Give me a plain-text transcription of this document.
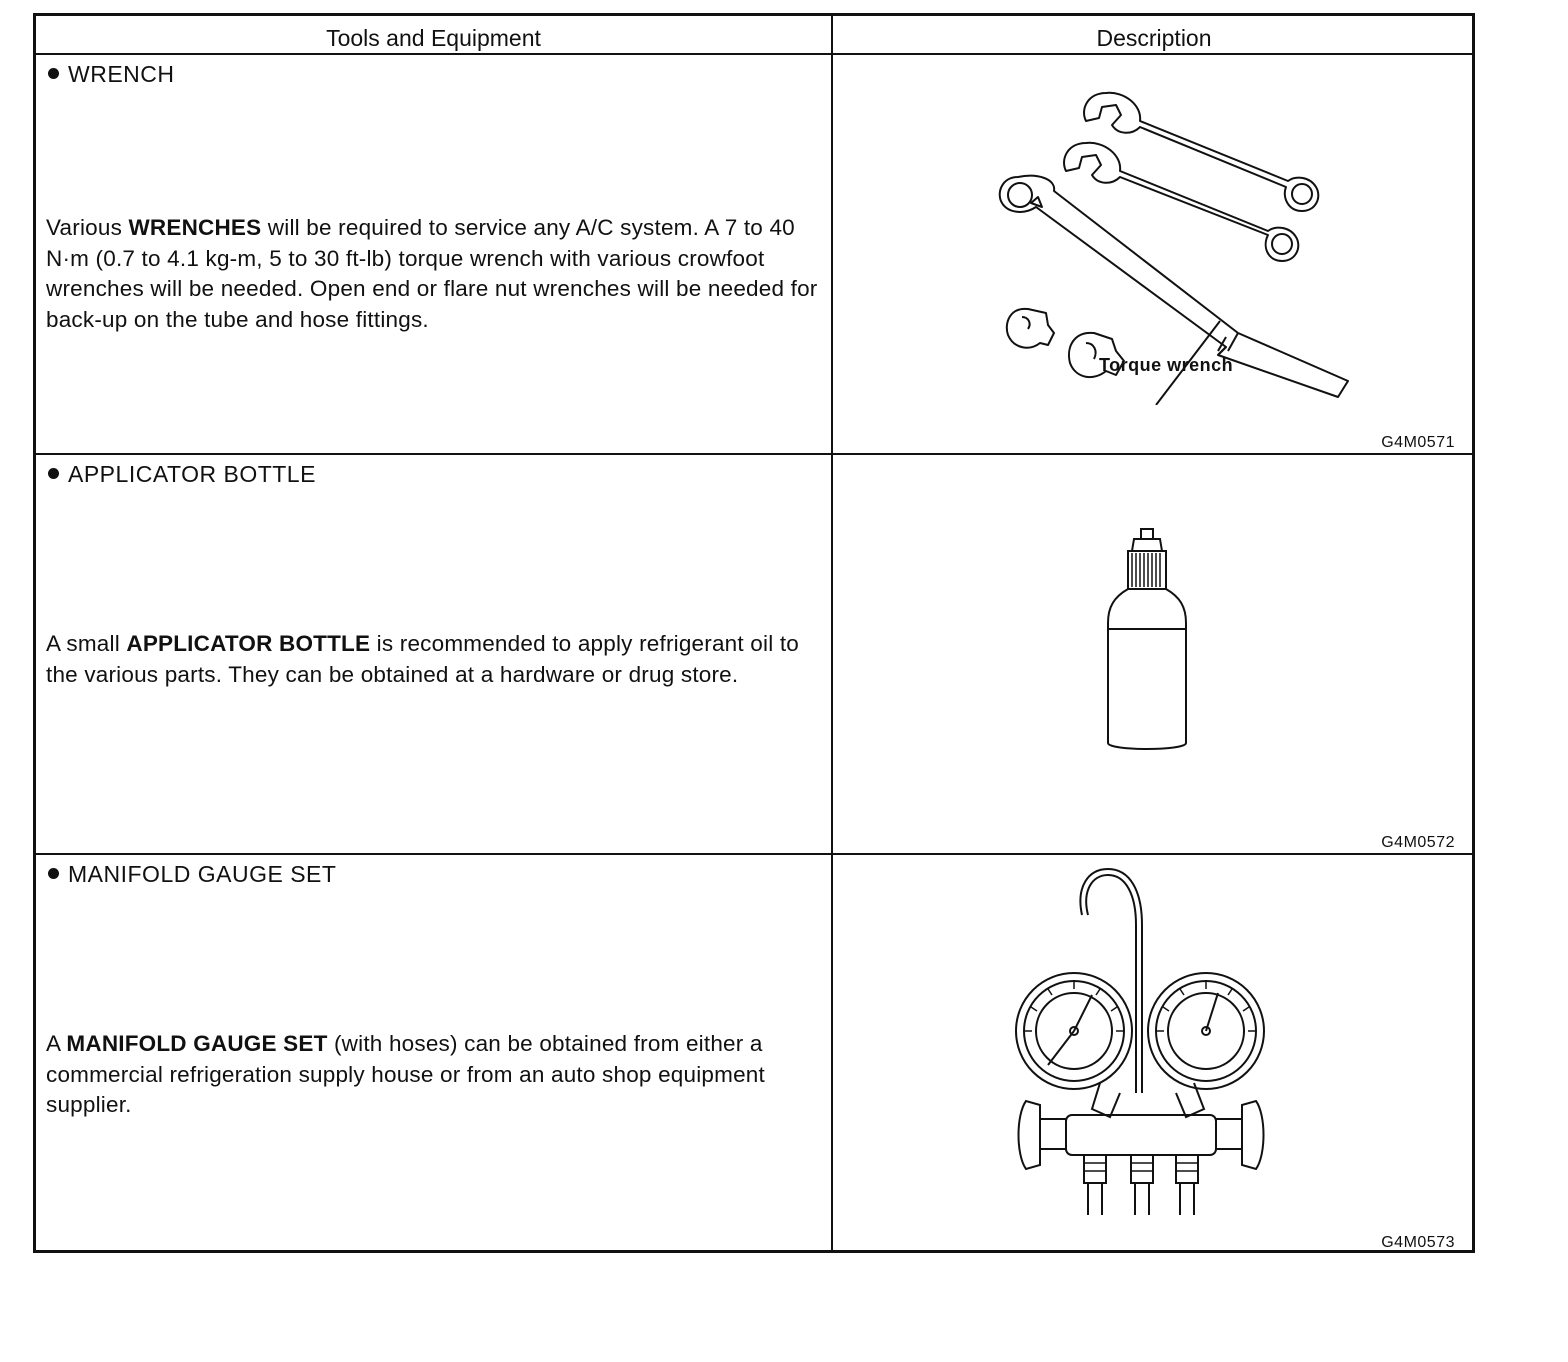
Tools and Equipment	Description
WRENCH
Various WRENCHES will be required to service any A/C system. A 7 to 40 N·m (0.7 to 4.1 kg-m, 5 to 30 ft-lb) torque wrench with various crowfoot wrenches will be needed. Open end or flare nut wrenches will be needed for back-up on the tube and hose fittings.
Torque wrench
G4M0571
APPLICATOR BOTTLE
A small APPLICATOR BOTTLE is recommended to apply refrigerant oil to the various parts. They can be obtained at a hardware or drug store.
G4M0572
MANIFOLD GAUGE SET
A MANIFOLD GAUGE SET (with hoses) can be obtained from either a commercial refrigeration supply house or from an auto shop equipment supplier.
G4M0573
